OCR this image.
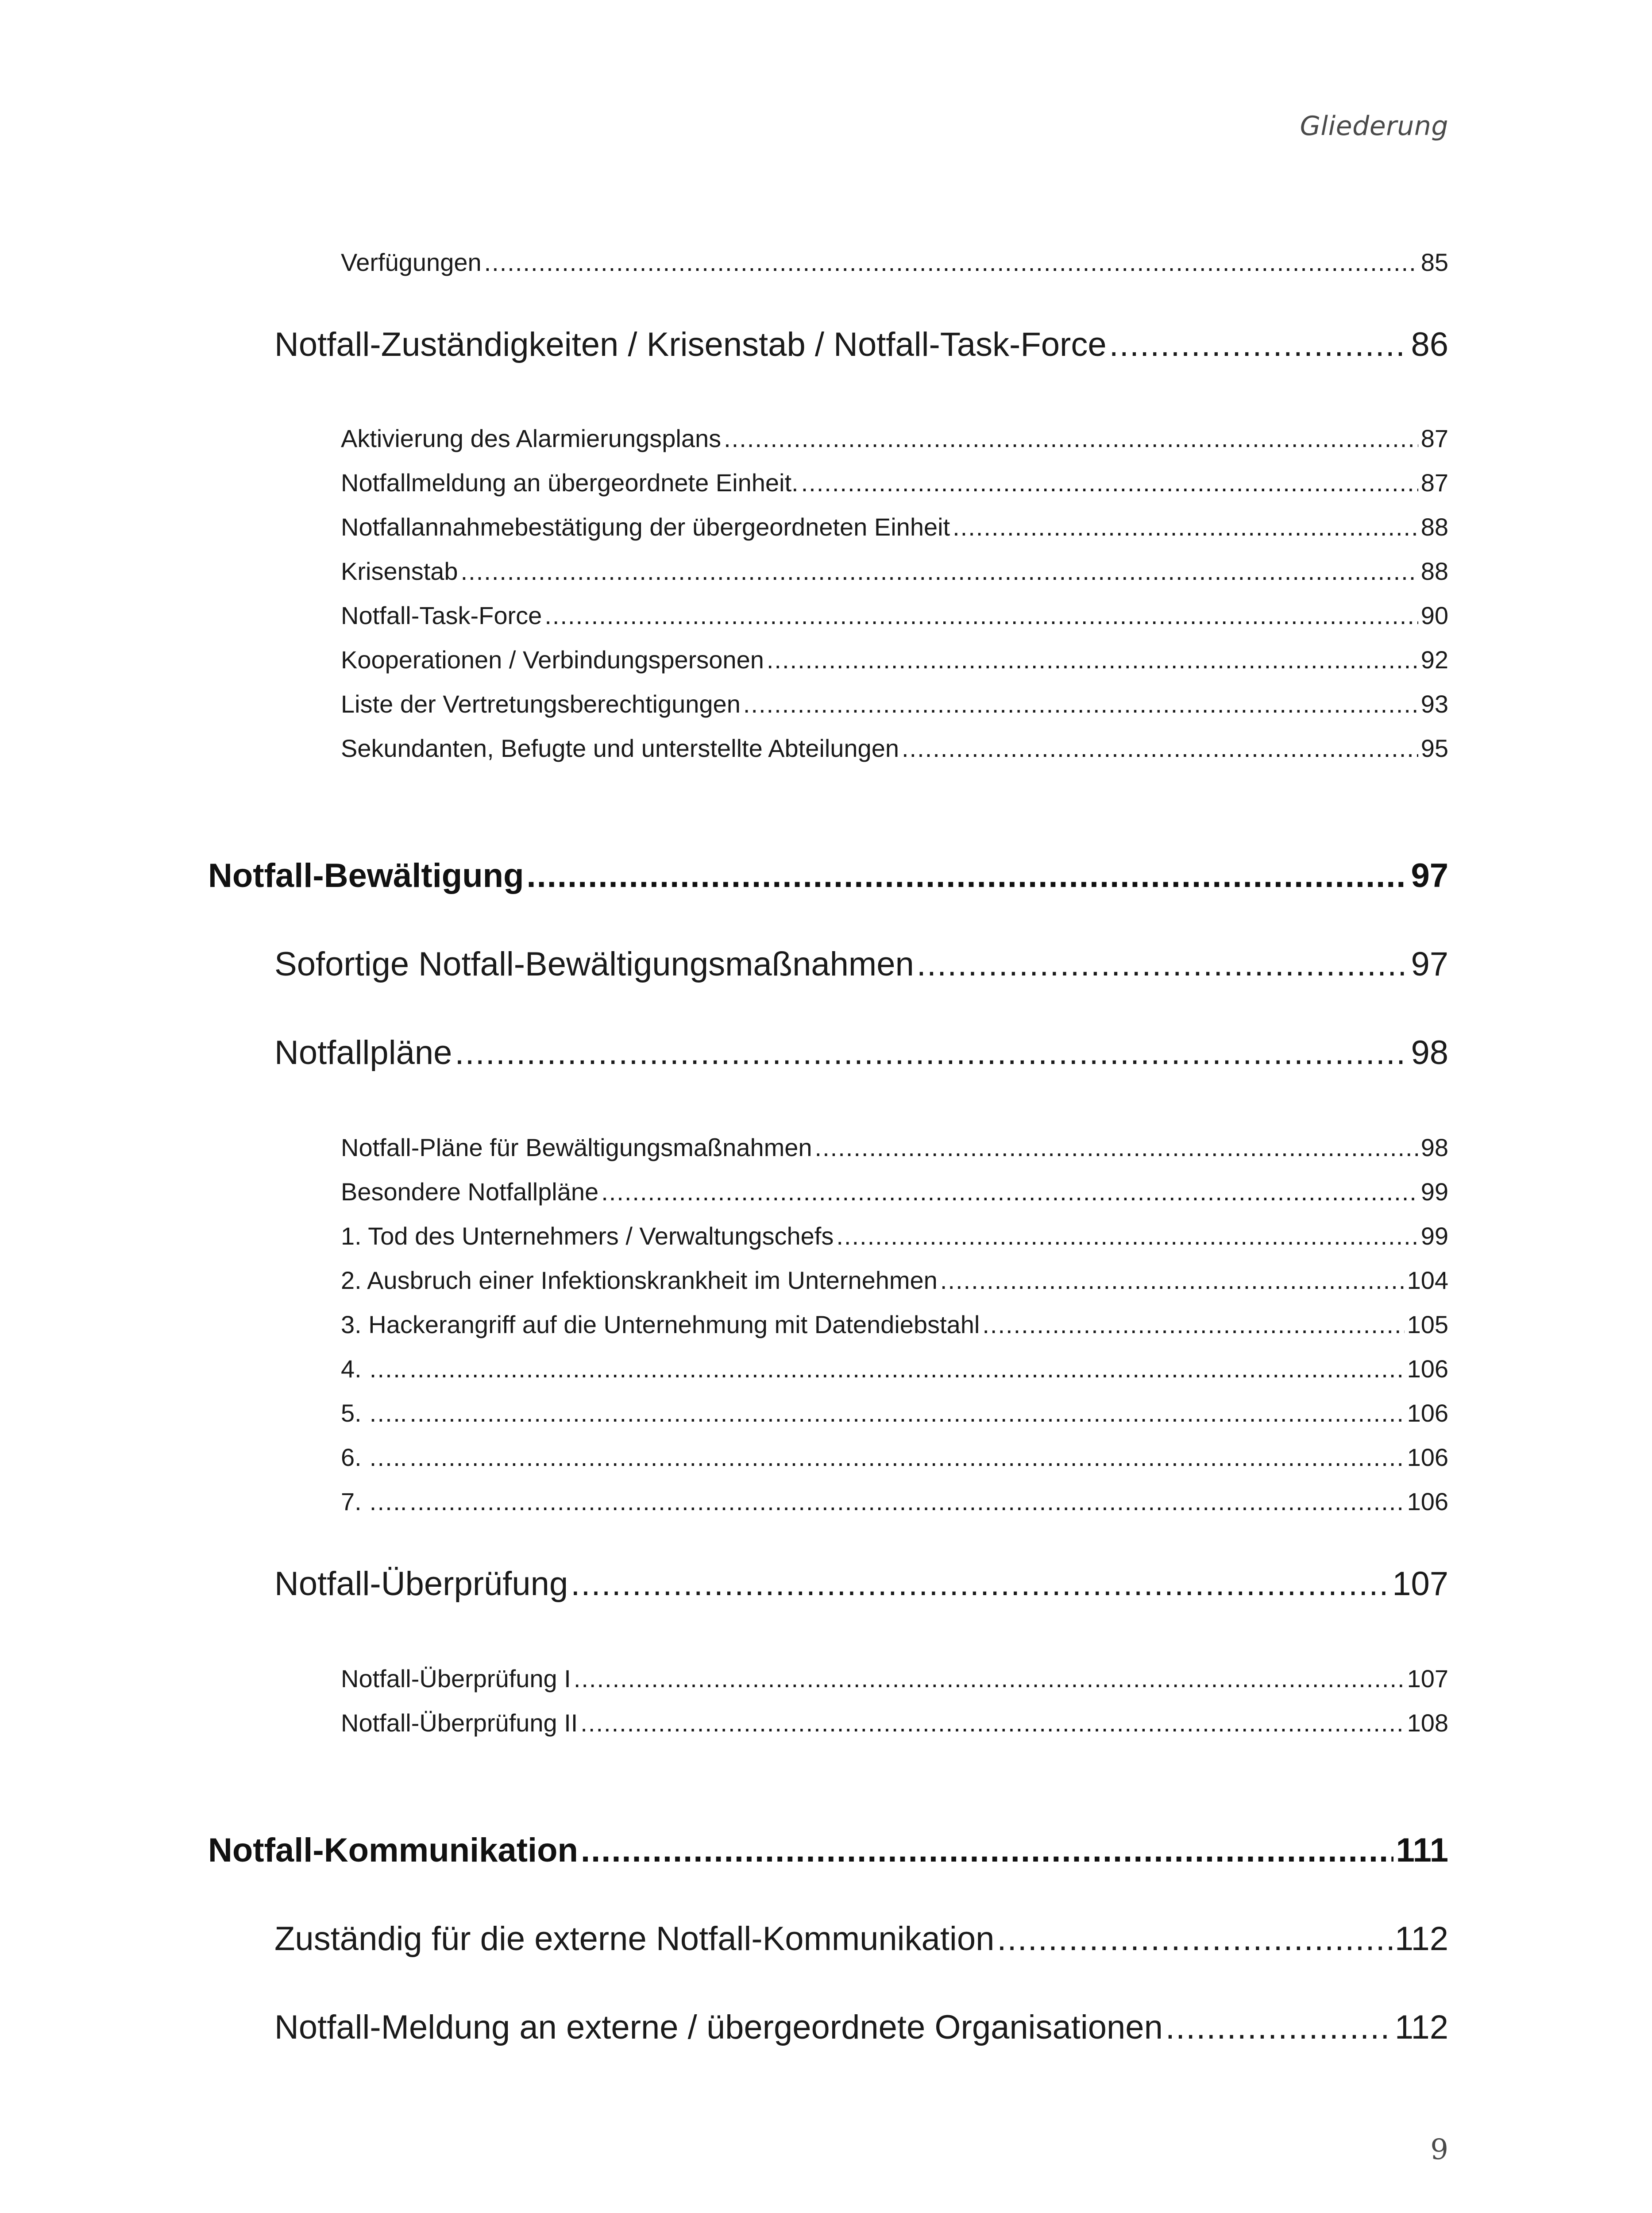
Gliederung
Verfügungen .....	85
Notfall-Zuständigkeiten / Krisenstab / Notfall-Task-Force .....	86
Aktivierung des Alarmierungsplans .....	87
Notfallmeldung an übergeordnete Einheit. .....	87
Notfallannahmebestätigung der übergeordneten Einheit .....	88
Krisenstab .....	88
Notfall-Task-Force .....	90
Kooperationen / Verbindungspersonen .....	92
Liste der Vertretungsberechtigungen .....	93
Sekundanten, Befugte und unterstellte Abteilungen .....	95
Notfall-Bewältigung .....	97
Sofortige Notfall-Bewältigungsmaßnahmen .....	97
Notfallpläne .....	98
Notfall-Pläne für Bewältigungsmaßnahmen .....	98
Besondere Notfallpläne .....	99
1. Tod des Unternehmers / Verwaltungschefs .....	99
2. Ausbruch einer Infektionskrankheit im Unternehmen .....	104
3. Hackerangriff auf die Unternehmung mit Datendiebstahl .....	105
4. ….. .....	106
5. ….. .....	106
6. ….. .....	106
7. ….. .....	106
Notfall-Überprüfung .....	107
Notfall-Überprüfung I .....	107
Notfall-Überprüfung II .....	108
Notfall-Kommunikation .....	111
Zuständig für die externe Notfall-Kommunikation .....	112
Notfall-Meldung an externe / übergeordnete Organisationen .....	112
9
